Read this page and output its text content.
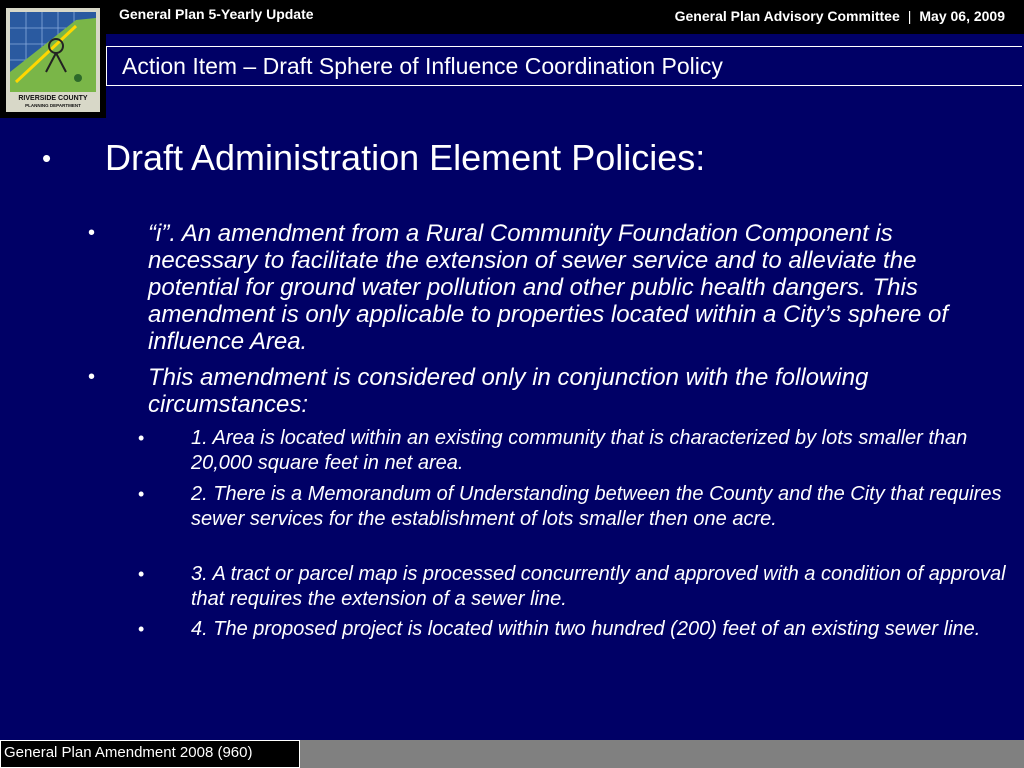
General Plan 5-Yearly Update	General Plan Advisory Committee | May 06, 2009
RIVERSIDE COUNTY
PLANNING DEPARTMENT
Action Item – Draft Sphere of Influence Coordination Policy
• Draft Administration Element Policies:
• “i”. An amendment from a Rural Community Foundation Component is necessary to facilitate the extension of sewer service and to alleviate the potential for ground water pollution and other public health dangers. This amendment is only applicable to properties located within a City’s sphere of influence Area.
• This amendment is considered only in conjunction with the following circumstances:
• 1. Area is located within an existing community that is characterized by lots smaller than 20,000 square feet in net area.
• 2. There is a Memorandum of Understanding between the County and the City that requires sewer services for the establishment of lots smaller then one acre.
• 3. A tract or parcel map is processed concurrently and approved with a condition of approval that requires the extension of a sewer line.
• 4. The proposed project is located within two hundred (200) feet of an existing sewer line.
General Plan Amendment 2008 (960)
